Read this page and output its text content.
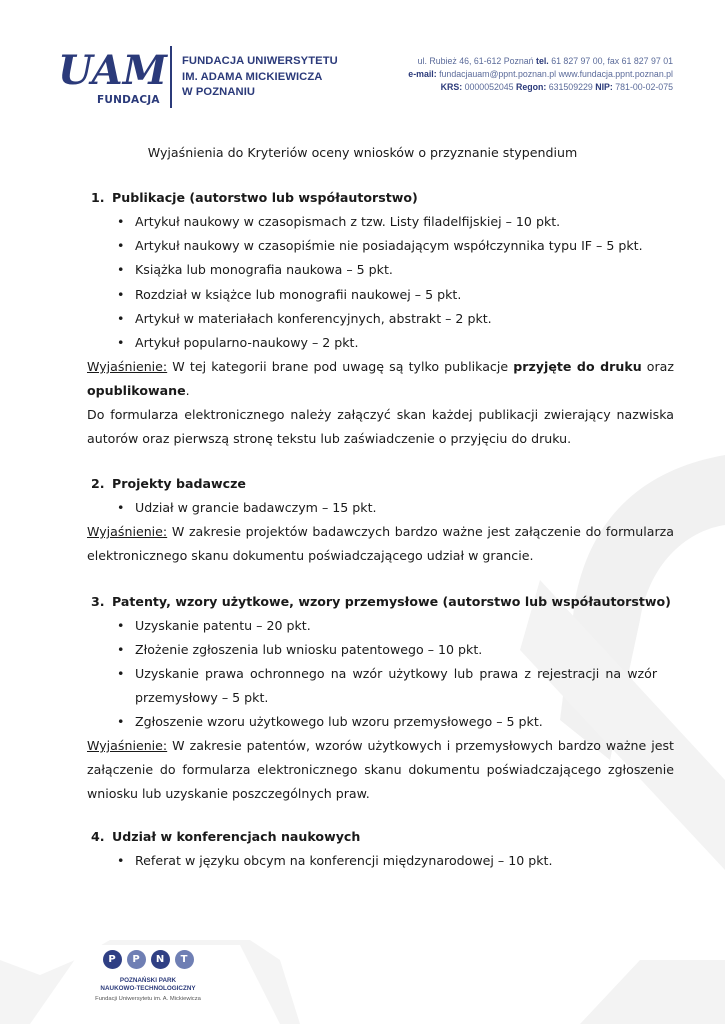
UAM
FUNDACJA
FUNDACJA UNIWERSYTETU
IM. ADAMA MICKIEWICZA
W POZNANIU
ul. Rubież 46, 61-612 Poznań tel. 61 827 97 00, fax 61 827 97 01
e-mail: fundacjauam@ppnt.poznan.pl www.fundacja.ppnt.poznan.pl
KRS: 0000052045 Regon: 631509229 NIP: 781-00-02-075
Wyjaśnienia do Kryteriów oceny wniosków o przyznanie stypendium
1. Publikacje (autorstwo lub współautorstwo)
• Artykuł naukowy w czasopismach z tzw. Listy filadelfijskiej – 10 pkt.
• Artykuł naukowy w czasopiśmie nie posiadającym współczynnika typu IF – 5 pkt.
• Książka lub monografia naukowa – 5 pkt.
• Rozdział w książce lub monografii naukowej – 5 pkt.
• Artykuł w materiałach konferencyjnych, abstrakt – 2 pkt.
• Artykuł popularno-naukowy – 2 pkt.
Wyjaśnienie: W tej kategorii brane pod uwagę są tylko publikacje przyjęte do druku oraz opublikowane.
Do formularza elektronicznego należy załączyć skan każdej publikacji zwierający nazwiska autorów oraz pierwszą stronę tekstu lub zaświadczenie o przyjęciu do druku.
2. Projekty badawcze
• Udział w grancie badawczym – 15 pkt.
Wyjaśnienie: W zakresie projektów badawczych bardzo ważne jest załączenie do formularza elektronicznego skanu dokumentu poświadczającego udział w grancie.
3. Patenty, wzory użytkowe, wzory przemysłowe (autorstwo lub współautorstwo)
• Uzyskanie patentu – 20 pkt.
• Złożenie zgłoszenia lub wniosku patentowego – 10 pkt.
• Uzyskanie prawa ochronnego na wzór użytkowy lub prawa z rejestracji na wzór przemysłowy – 5 pkt.
• Zgłoszenie wzoru użytkowego lub wzoru przemysłowego – 5 pkt.
Wyjaśnienie: W zakresie patentów, wzorów użytkowych i przemysłowych bardzo ważne jest załączenie do formularza elektronicznego skanu dokumentu poświadczającego zgłoszenie wniosku lub uzyskanie poszczególnych praw.
4. Udział w konferencjach naukowych
• Referat w języku obcym na konferencji międzynarodowej – 10 pkt.
P	P	N	T
POZNAŃSKI PARK
NAUKOWO-TECHNOLOGICZNY
Fundacji Uniwersytetu im. A. Mickiewicza
